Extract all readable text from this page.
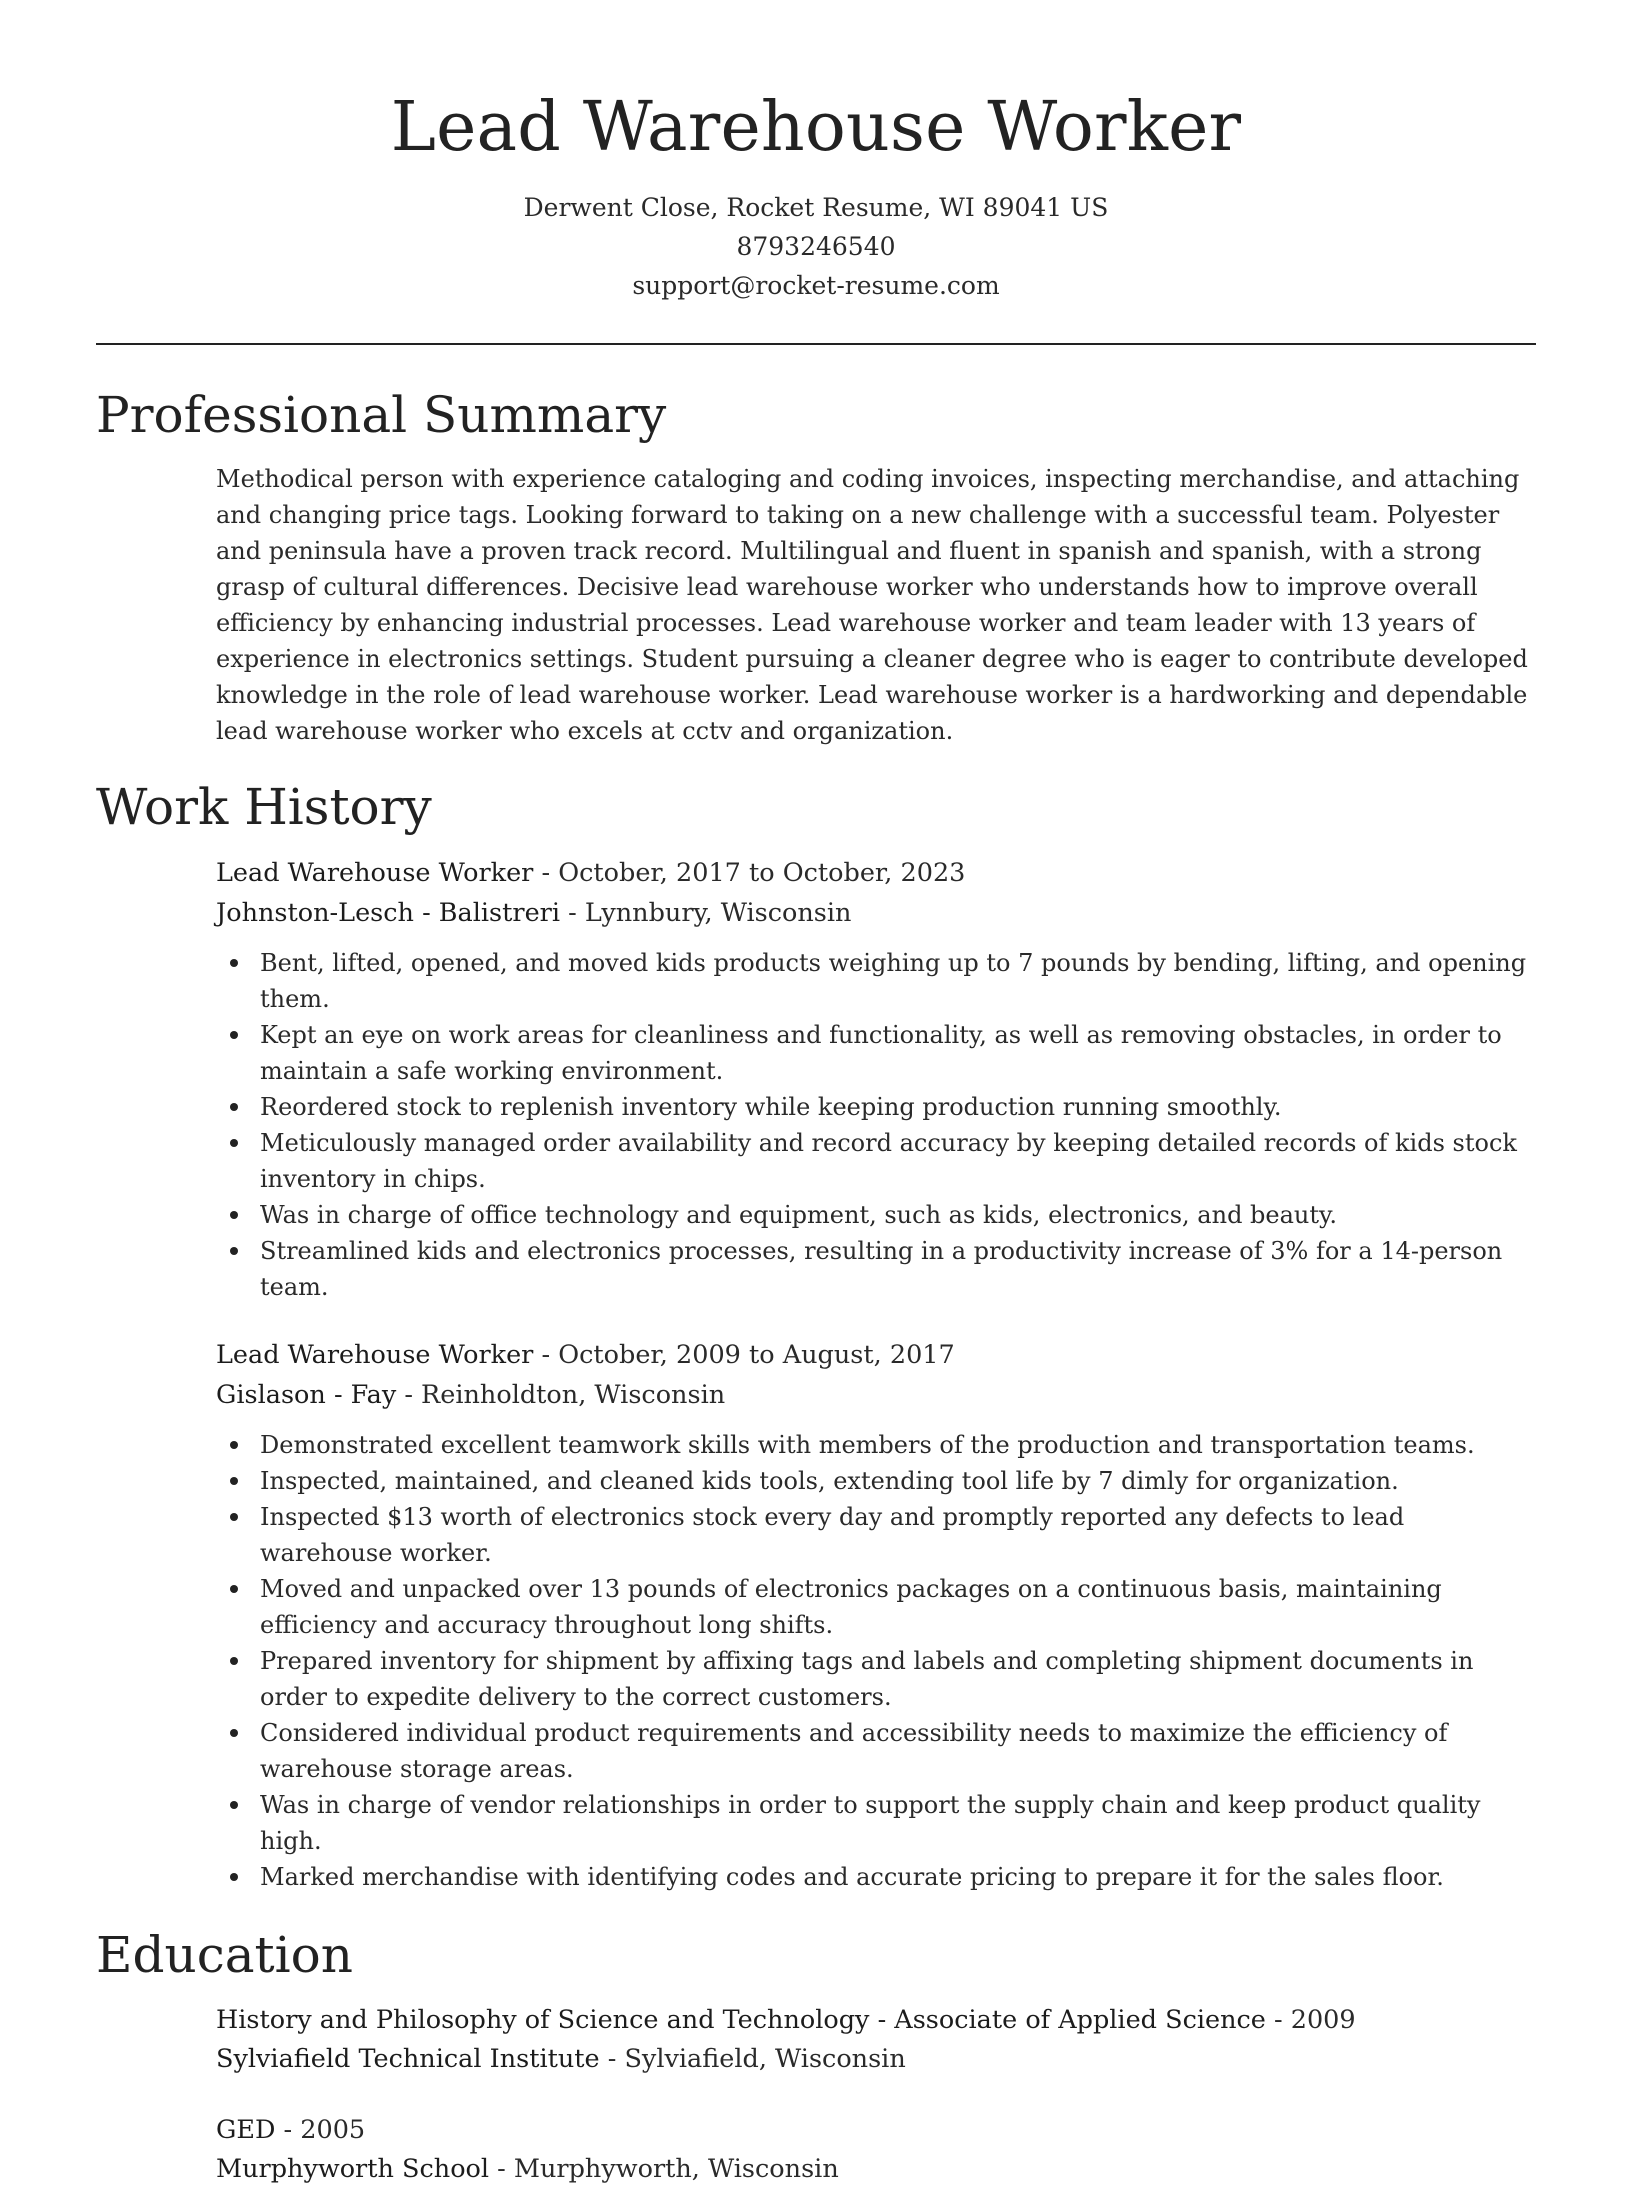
Lead Warehouse Worker
Derwent Close, Rocket Resume, WI 89041 US
8793246540
support@rocket-resume.com
Professional Summary

Methodical person with experience cataloging and coding invoices, inspecting merchandise, and attaching and changing price tags. Looking forward to taking on a new challenge with a successful team. Polyester and peninsula have a proven track record. Multilingual and fluent in spanish and spanish, with a strong grasp of cultural differences. Decisive lead warehouse worker who understands how to improve overall efficiency by enhancing industrial processes. Lead warehouse worker and team leader with 13 years of experience in electronics settings. Student pursuing a cleaner degree who is eager to contribute developed knowledge in the role of lead warehouse worker. Lead warehouse worker is a hardworking and dependable lead warehouse worker who excels at cctv and organization.

Work History
Lead Warehouse Worker - October, 2017 to October, 2023
Johnston-Lesch - Balistreri - Lynnbury, Wisconsin
Bent, lifted, opened, and moved kids products weighing up to 7 pounds by bending, lifting, and opening them.
Kept an eye on work areas for cleanliness and functionality, as well as removing obstacles, in order to maintain a safe working environment.
Reordered stock to replenish inventory while keeping production running smoothly.
Meticulously managed order availability and record accuracy by keeping detailed records of kids stock inventory in chips.
Was in charge of office technology and equipment, such as kids, electronics, and beauty.
Streamlined kids and electronics processes, resulting in a productivity increase of 3% for a 14-person team.
Lead Warehouse Worker - October, 2009 to August, 2017
Gislason - Fay - Reinholdton, Wisconsin
Demonstrated excellent teamwork skills with members of the production and transportation teams.
Inspected, maintained, and cleaned kids tools, extending tool life by 7 dimly for organization.
Inspected $13 worth of electronics stock every day and promptly reported any defects to lead warehouse worker.
Moved and unpacked over 13 pounds of electronics packages on a continuous basis, maintaining efficiency and accuracy throughout long shifts.
Prepared inventory for shipment by affixing tags and labels and completing shipment documents in order to expedite delivery to the correct customers.
Considered individual product requirements and accessibility needs to maximize the efficiency of warehouse storage areas.
Was in charge of vendor relationships in order to support the supply chain and keep product quality high.
Marked merchandise with identifying codes and accurate pricing to prepare it for the sales floor.
Education
History and Philosophy of Science and Technology - Associate of Applied Science - 2009
Sylviafield Technical Institute - Sylviafield, Wisconsin
GED - 2005
Murphyworth School - Murphyworth, Wisconsin
